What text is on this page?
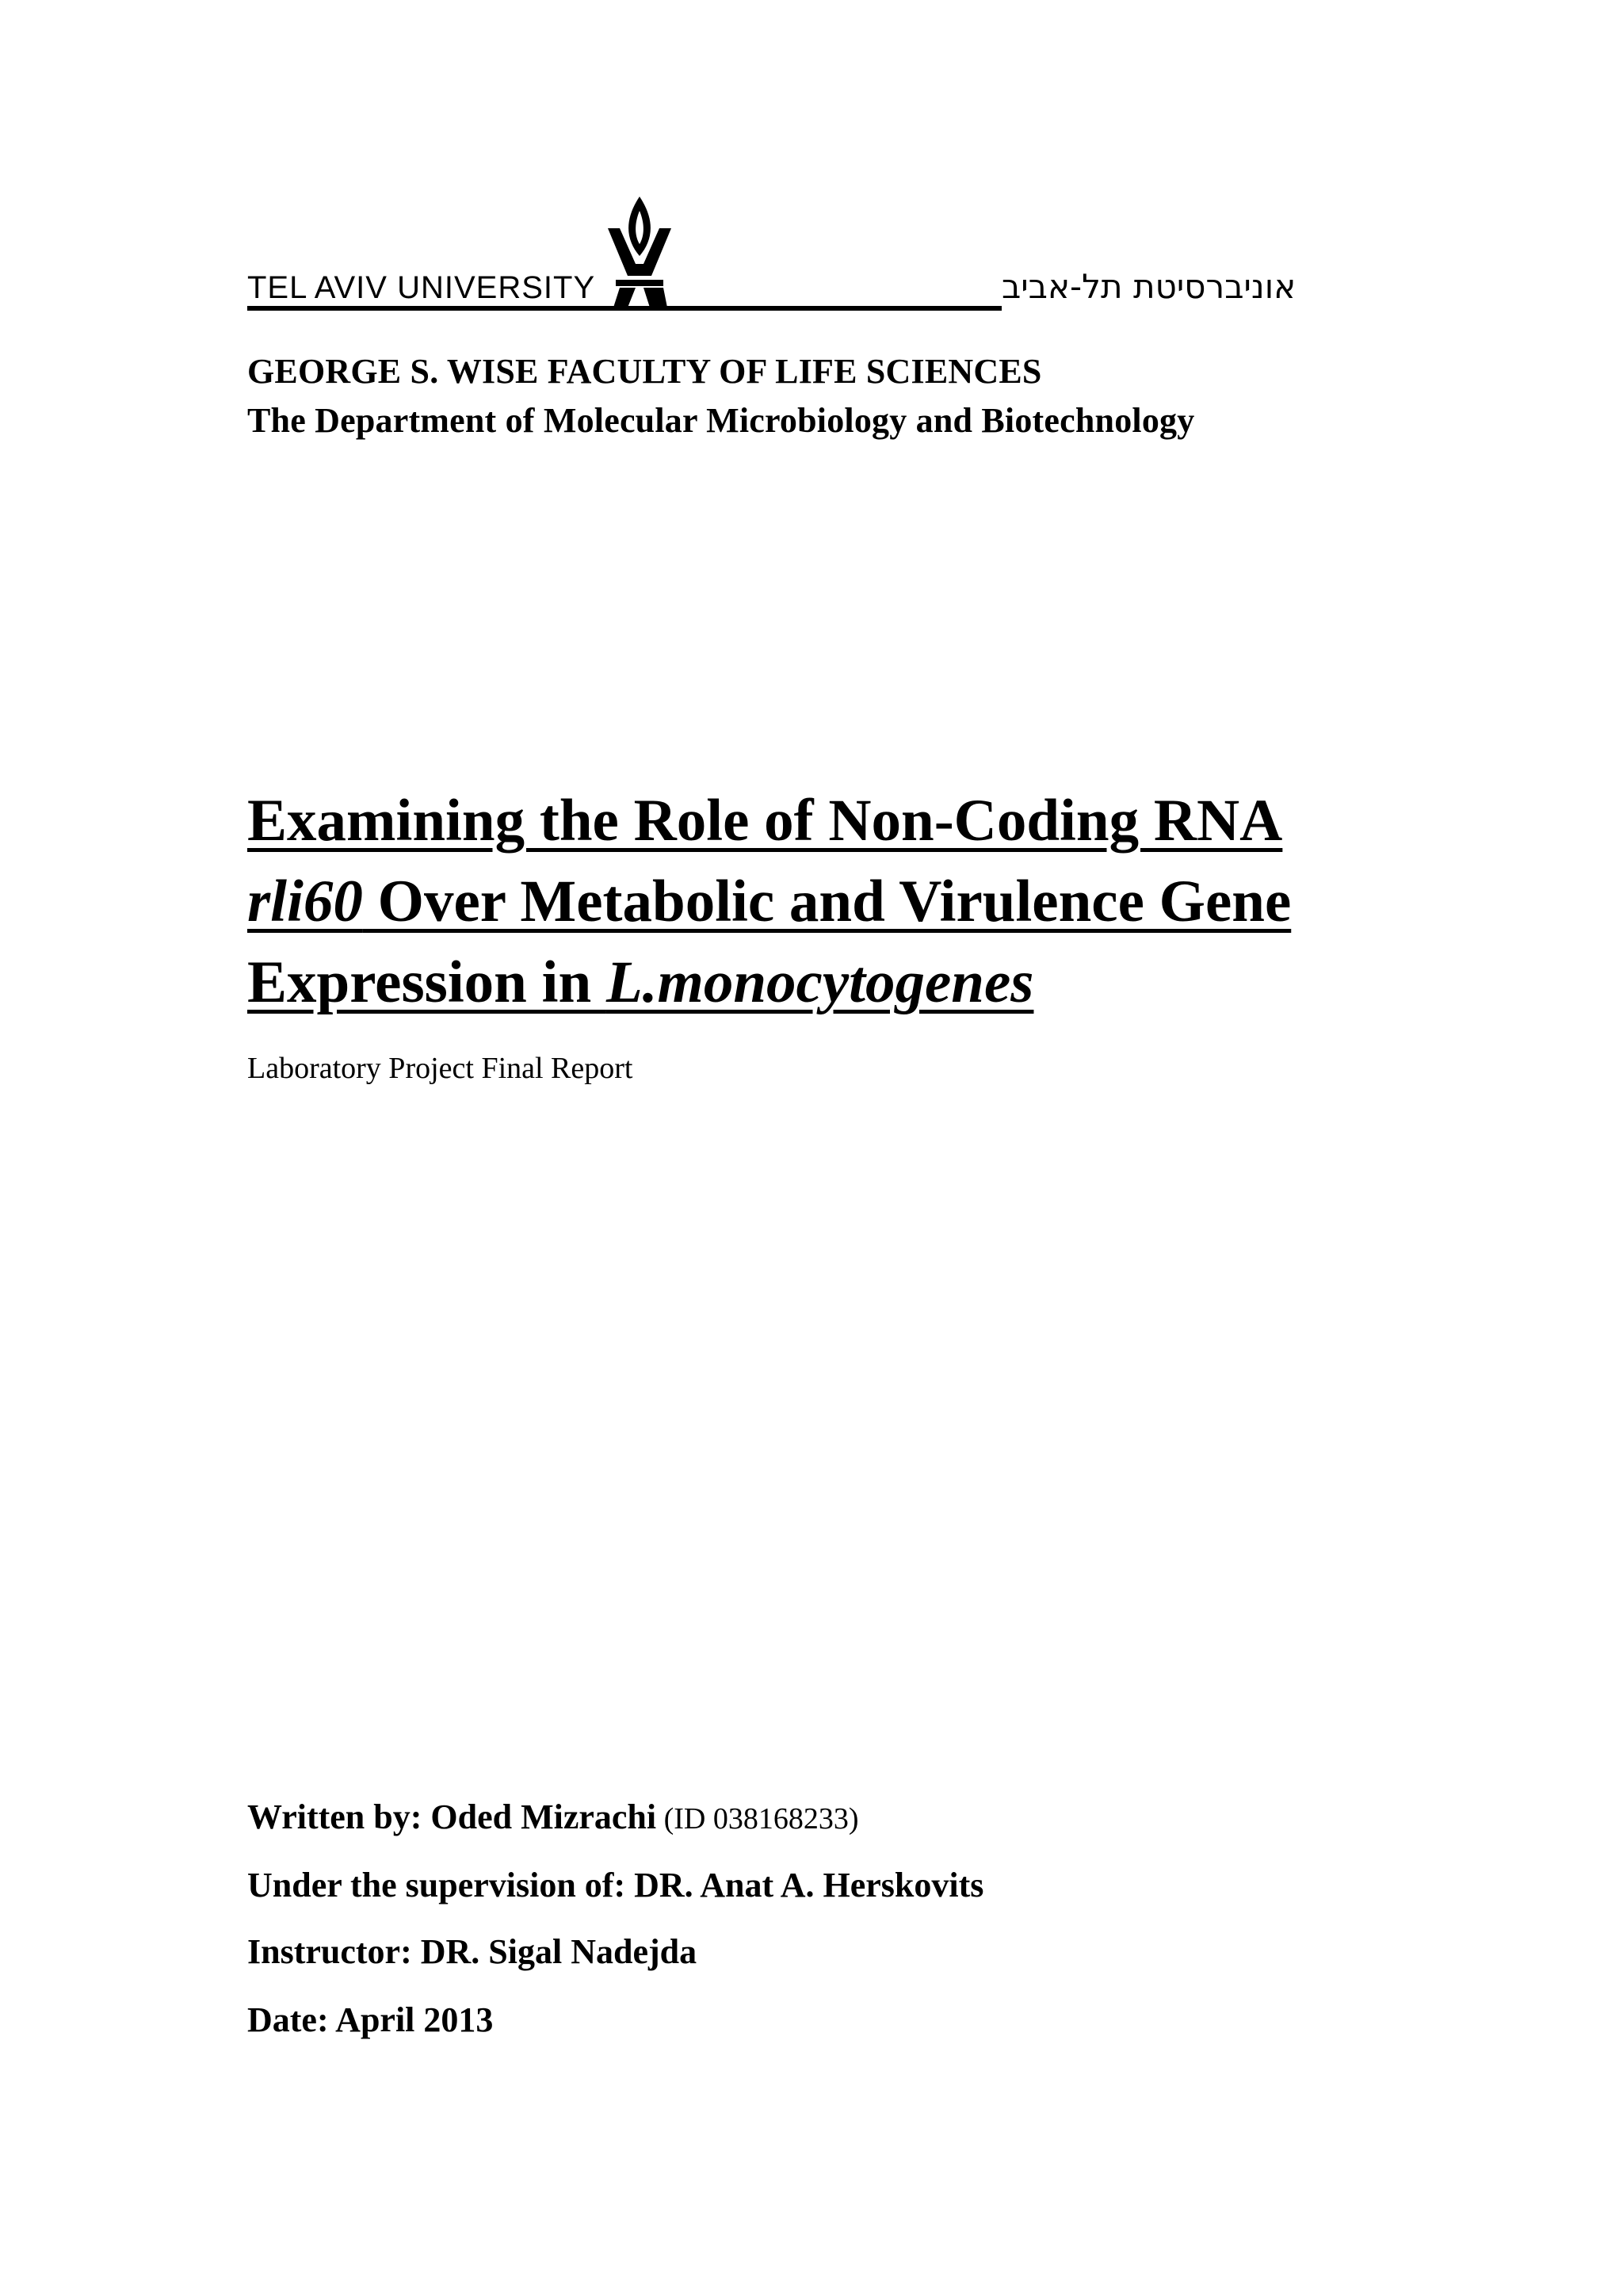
TEL AVIV UNIVERSITY	אוניברסיטת תל-אביב
GEORGE S. WISE FACULTY OF LIFE SCIENCES
The Department of Molecular Microbiology and Biotechnology
Examining the Role of Non-Coding RNA
rli60 Over Metabolic and Virulence Gene
Expression in L.monocytogenes
Laboratory Project Final Report
Written by: Oded Mizrachi (ID 038168233)
Under the supervision of: DR. Anat A. Herskovits
Instructor: DR. Sigal Nadejda
Date: April 2013
